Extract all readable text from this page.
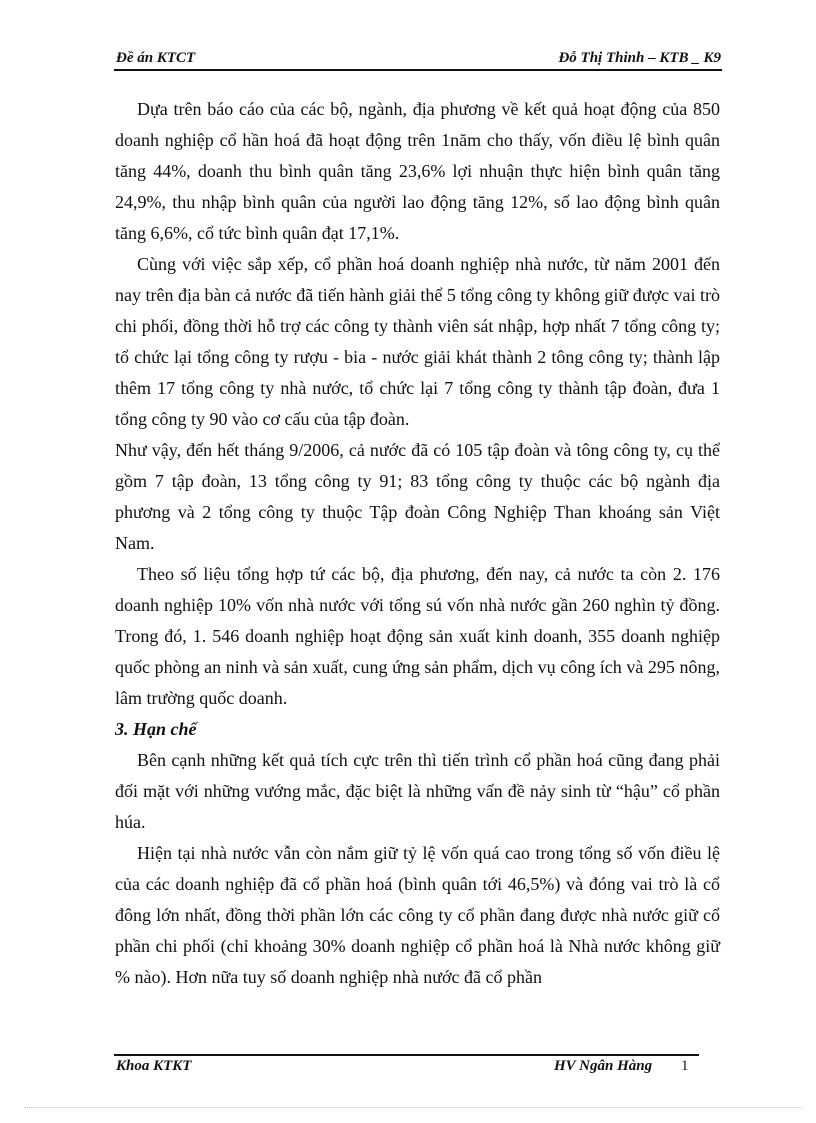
Đề án KTCT	Đỗ Thị Thinh – KTB _ K9

Dựa trên báo cáo của các bộ, ngành, địa phương về kết quả hoạt động của 850 doanh nghiệp cổ hần hoá đã hoạt động trên 1năm cho thấy, vốn điều lệ bình quân tăng 44%, doanh thu bình quân tăng 23,6% lợi nhuận thực hiện bình quân tăng 24,9%, thu nhập bình quân của người lao động tăng 12%, số lao động bình quân tăng 6,6%, cổ tức bình quân đạt 17,1%.

Cùng với việc sắp xếp, cổ phần hoá doanh nghiệp nhà nước, từ năm 2001 đến nay trên địa bàn cả nước đã tiến hành giải thể 5 tổng công ty không giữ được vai trò chi phối, đồng thời hỗ trợ các công ty thành viên sát nhập, hợp nhất 7 tổng công ty; tổ chức lại tổng công ty rượu - bia - nước giải khát thành 2 tông công ty; thành lập thêm 17 tổng công ty nhà nước, tổ chức lại 7 tổng công ty thành tập đoàn, đưa 1 tổng công ty 90 vào cơ cấu của tập đoàn.

Như vậy, đến hết tháng 9/2006, cả nước đã có 105 tập đoàn và tông công ty, cụ thể gồm 7 tập đoàn, 13 tổng công ty 91; 83 tổng công ty thuộc các bộ ngành địa phương và 2 tổng công ty thuộc Tập đoàn Công Nghiệp Than khoáng sản Việt Nam.

Theo số liệu tổng hợp tứ các bộ, địa phương, đến nay, cả nước ta còn 2. 176 doanh nghiệp 10% vốn nhà nước với tổng sú vốn nhà nước gần 260 nghìn tỷ đồng. Trong đó, 1. 546 doanh nghiệp hoạt động sản xuất kinh doanh, 355 doanh nghiệp quốc phòng an ninh và sản xuất, cung ứng sản phẩm, dịch vụ công ích và 295 nông, lâm trường quốc doanh.

3. Hạn chế

Bên cạnh những kết quả tích cực trên thì tiến trình cổ phần hoá cũng đang phải đối mặt với những vướng mắc, đặc biệt là những vấn đề nảy sinh từ “hậu” cổ phần húa.

Hiện tại nhà nước vẫn còn nắm giữ tỷ lệ vốn quá cao trong tổng số vốn điều lệ của các doanh nghiệp đã cổ phần hoá (bình quân tới 46,5%) và đóng vai trò là cổ đông lớn nhất, đồng thời phần lớn các công ty cổ phần đang được nhà nước giữ cổ phần chi phối (chỉ khoảng 30% doanh nghiệp cổ phần hoá là Nhà nước không giữ % nào). Hơn nữa tuy số doanh nghiệp nhà nước đã cổ phần

Khoa KTKT	HV Ngân Hàng 1
